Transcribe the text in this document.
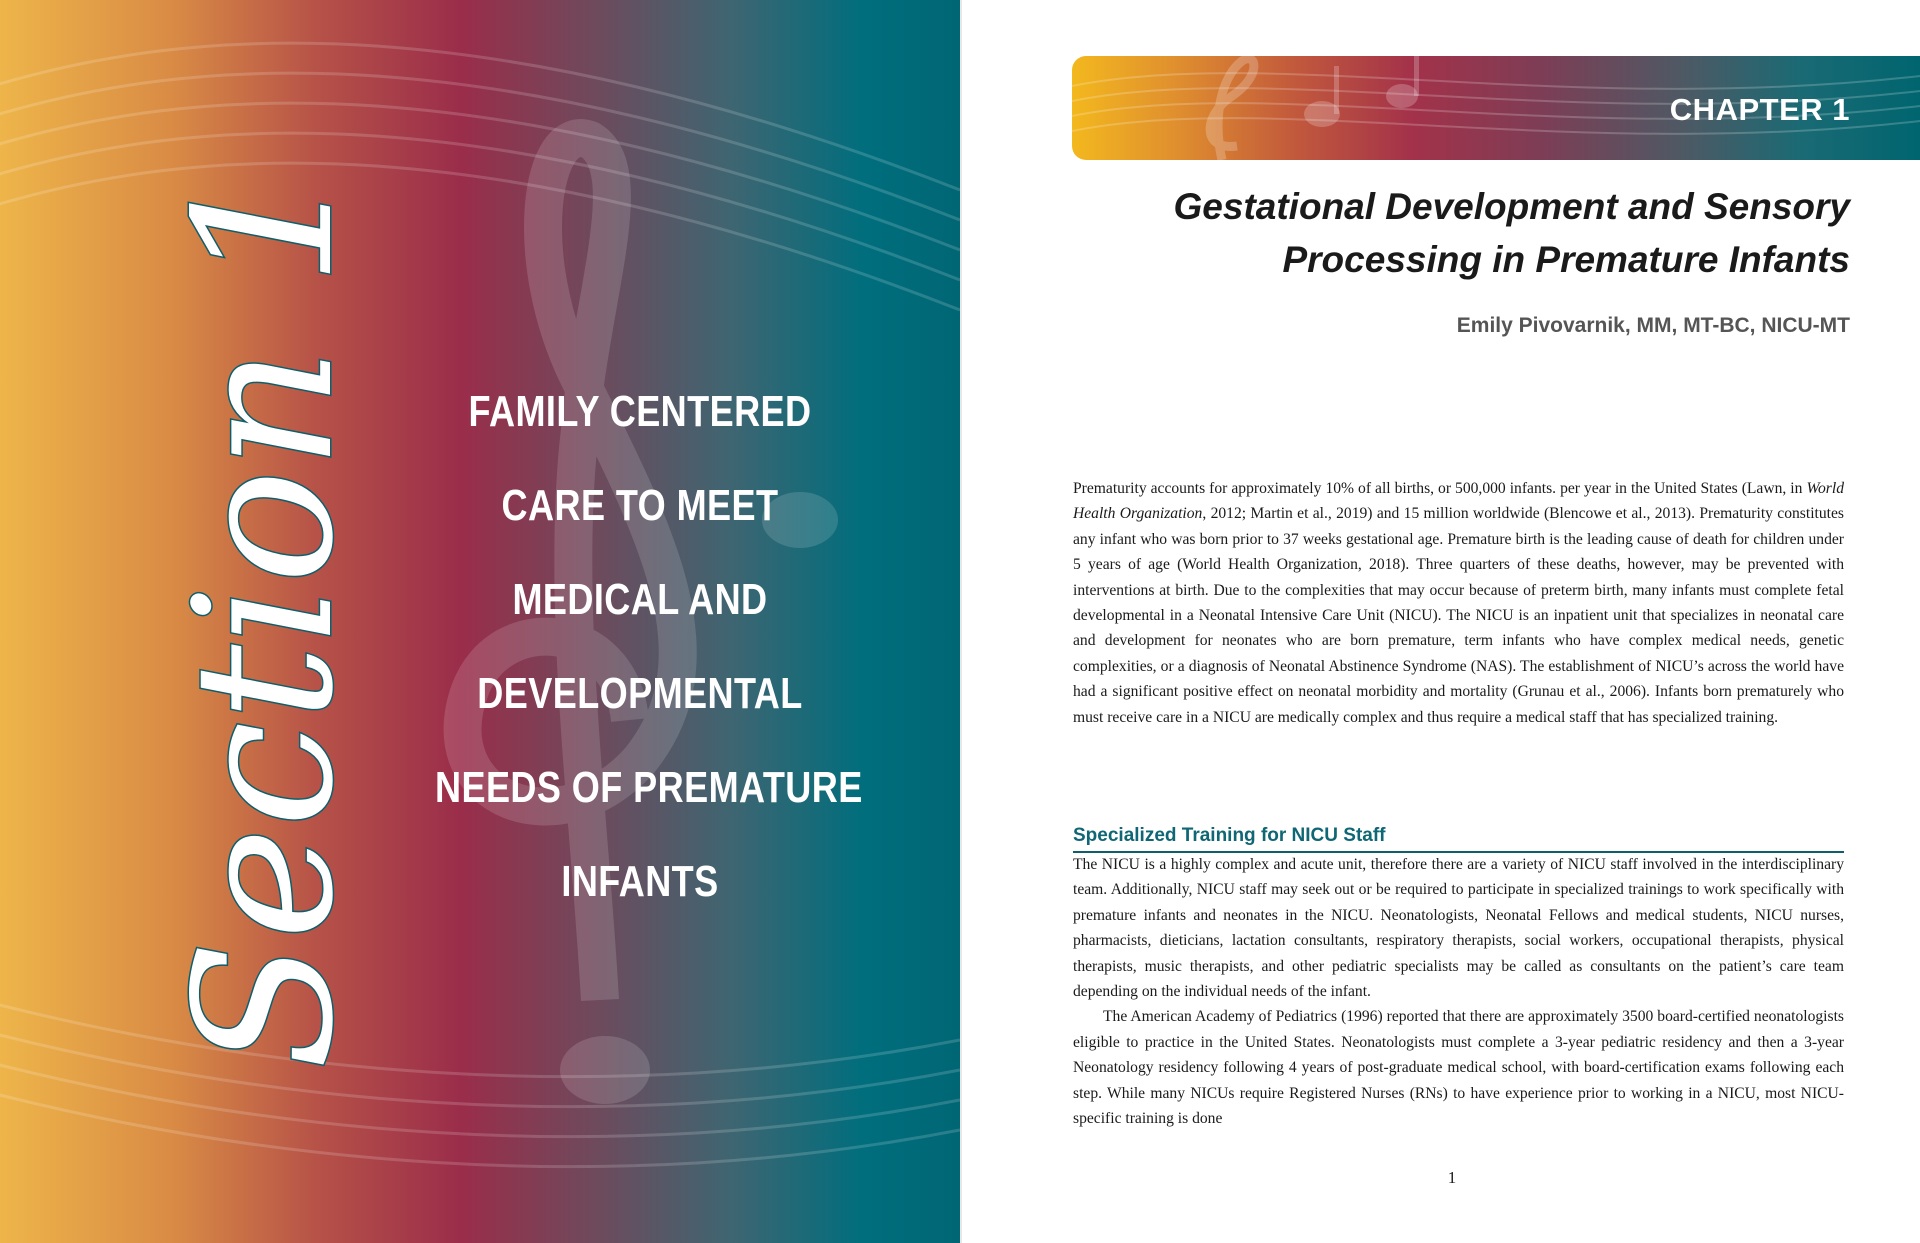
Section 1	FAMILY CENTERED
CARE TO MEET
MEDICAL AND
DEVELOPMENTAL
NEEDS OF PREMATURE
INFANTS
CHAPTER 1
Gestational Development and Sensory
Processing in Premature Infants
Emily Pivovarnik, MM, MT-BC, NICU-MT

Prematurity accounts for approximately 10% of all births, or 500,000 infants. per year in the United States (Lawn, in World Health Organization, 2012; Martin et al., 2019) and 15 million worldwide (Blencowe et al., 2013). Prematurity constitutes any infant who was born prior to 37 weeks gestational age. Premature birth is the leading cause of death for children under 5 years of age (World Health Organization, 2018). Three quarters of these deaths, however, may be prevented with interventions at birth. Due to the complexities that may occur because of preterm birth, many infants must complete fetal developmental in a Neonatal Intensive Care Unit (NICU). The NICU is an inpatient unit that specializes in neonatal care and development for neonates who are born premature, term infants who have complex medical needs, genetic complexities, or a diagnosis of Neonatal Abstinence Syndrome (NAS). The establishment of NICU’s across the world have had a significant positive effect on neonatal morbidity and mortality (Grunau et al., 2006). Infants born prematurely who must receive care in a NICU are medically complex and thus require a medical staff that has specialized training.

Specialized Training for NICU Staff

The NICU is a highly complex and acute unit, therefore there are a variety of NICU staff involved in the interdisciplinary team. Additionally, NICU staff may seek out or be required to participate in specialized trainings to work specifically with premature infants and neonates in the NICU. Neonatologists, Neonatal Fellows and medical students, NICU nurses, pharmacists, dieticians, lactation consultants, respiratory therapists, social workers, occupational therapists, physical therapists, music therapists, and other pediatric specialists may be called as consultants on the patient’s care team depending on the individual needs of the infant.

The American Academy of Pediatrics (1996) reported that there are approximately 3500 board-certified neonatologists eligible to practice in the United States. Neonatologists must complete a 3-year pediatric residency and then a 3-year Neonatology residency following 4 years of post-graduate medical school, with board-certification exams following each step. While many NICUs require Registered Nurses (RNs) to have experience prior to working in a NICU, most NICU-specific training is done

1
